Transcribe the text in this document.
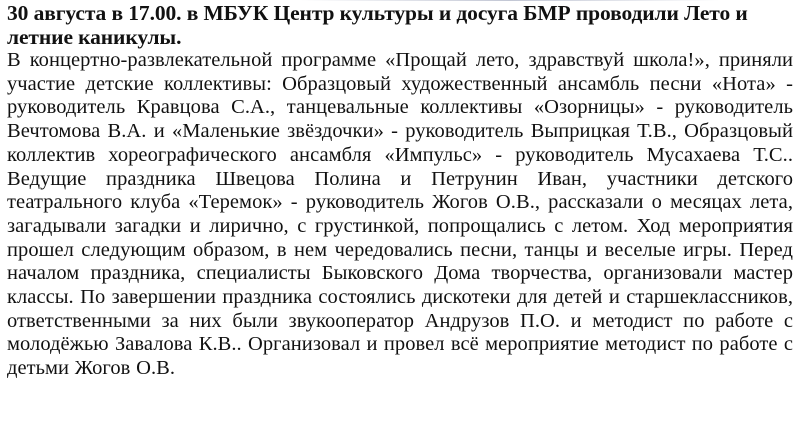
30 августа в 17.00. в МБУК Центр культуры и досуга БМР проводили Лето и летние каникулы.

В концертно-развлекательной программе «Прощай лето, здравствуй школа!», приняли участие детские коллективы: Образцовый художественный ансамбль песни «Нота» - руководитель Кравцова С.А., танцевальные коллективы «Озорницы» - руководитель Вечтомова В.А. и «Маленькие звёздочки» - руководитель Выприцкая Т.В., Образцовый коллектив хореографического ансамбля «Импульс» - руководитель Мусахаева Т.С.. Ведущие праздника Швецова Полина и Петрунин Иван, участники детского театрального клуба «Теремок» - руководитель Жогов О.В., рассказали о месяцах лета, загадывали загадки и лирично, с грустинкой, попрощались с летом. Ход мероприятия прошел следующим образом, в нем чередовались песни, танцы и веселые игры. Перед началом праздника, специалисты Быковского Дома творчества, организовали мастер классы. По завершении праздника состоялись дискотеки для детей и старшеклассников, ответственными за них были звукооператор Андрузов П.О. и методист по работе с молодёжью Завалова К.В.. Организовал и провел всё мероприятие методист по работе с детьми Жогов О.В.
